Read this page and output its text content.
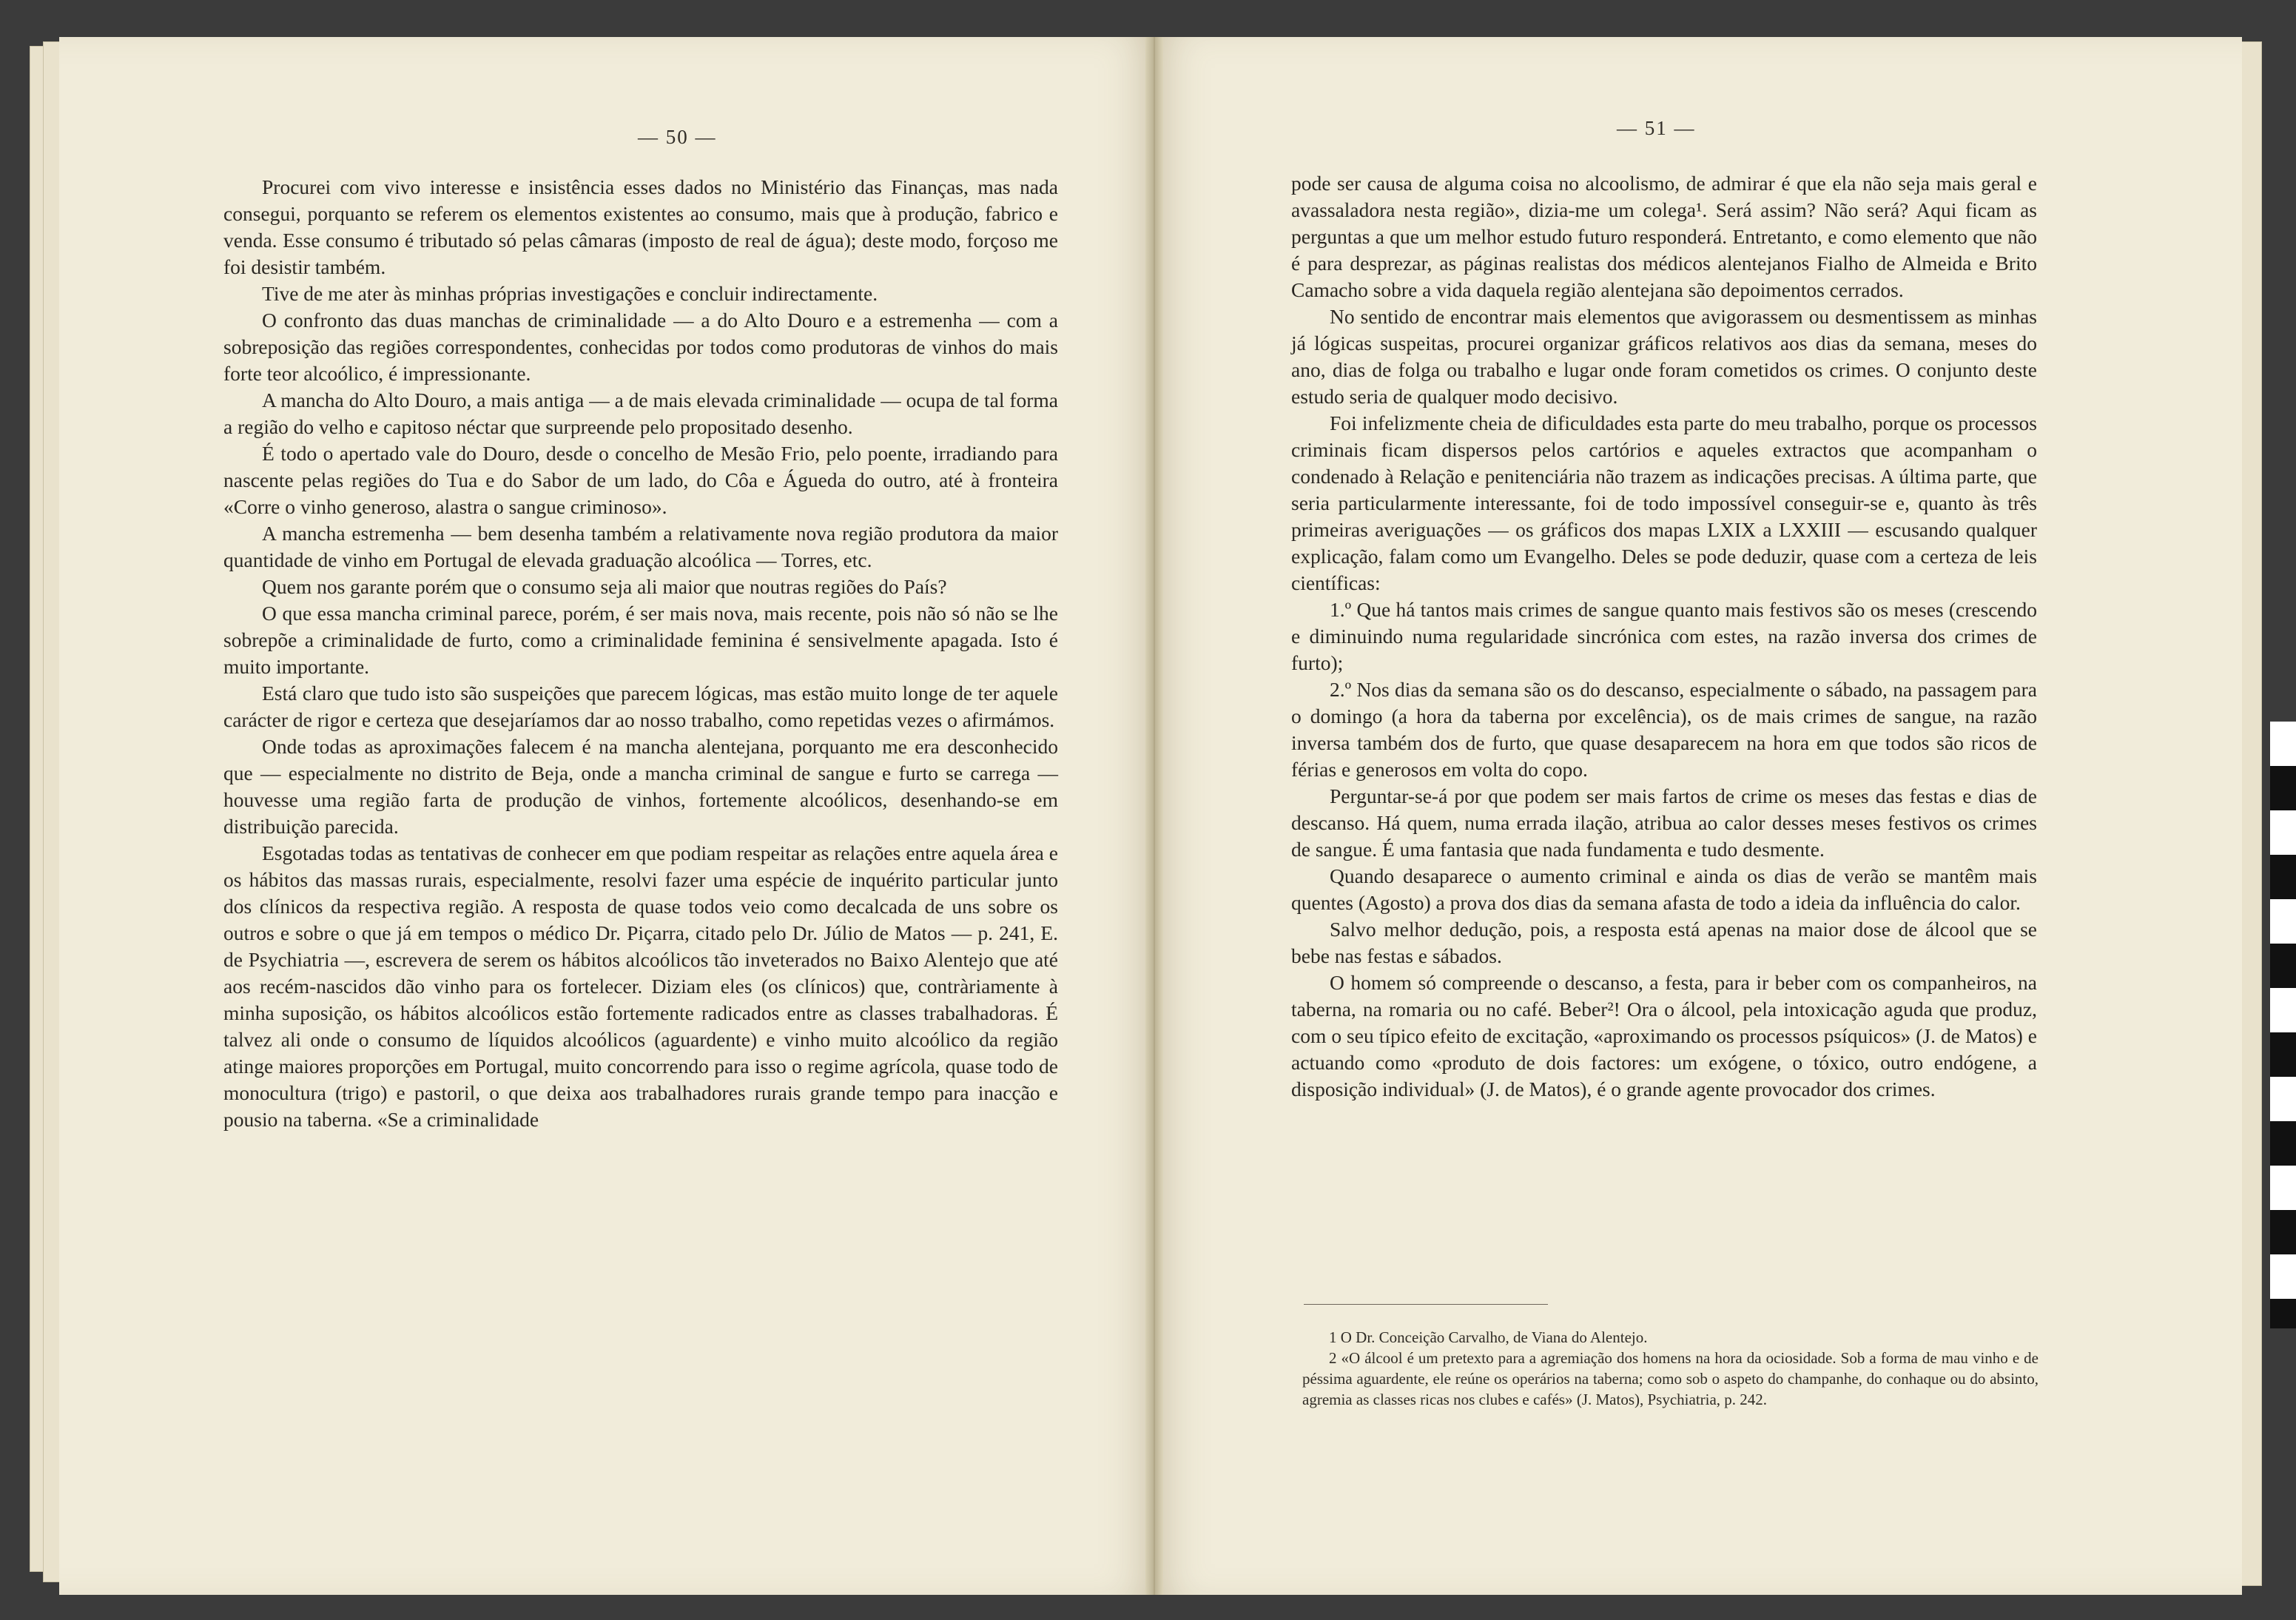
— 50 —	— 51 —

Procurei com vivo interesse e insistência esses dados no Ministério das Finanças, mas nada consegui, porquanto se referem os elementos existentes ao consumo, mais que à produção, fabrico e venda. Esse consumo é tributado só pelas câmaras (imposto de real de água); deste modo, forçoso me foi desistir também.

Tive de me ater às minhas próprias investigações e concluir indirectamente.

O confronto das duas manchas de criminalidade — a do Alto Douro e a estremenha — com a sobreposição das regiões correspondentes, conhecidas por todos como produtoras de vinhos do mais forte teor alcoólico, é impressionante.

A mancha do Alto Douro, a mais antiga — a de mais elevada criminalidade — ocupa de tal forma a região do velho e capitoso néctar que surpreende pelo propositado desenho.

É todo o apertado vale do Douro, desde o concelho de Mesão Frio, pelo poente, irradiando para nascente pelas regiões do Tua e do Sabor de um lado, do Côa e Águeda do outro, até à fronteira «Corre o vinho generoso, alastra o sangue criminoso».

A mancha estremenha — bem desenha também a relativamente nova região produtora da maior quantidade de vinho em Portugal de elevada graduação alcoólica — Torres, etc.

Quem nos garante porém que o consumo seja ali maior que noutras regiões do País?

O que essa mancha criminal parece, porém, é ser mais nova, mais recente, pois não só não se lhe sobrepõe a criminalidade de furto, como a criminalidade feminina é sensivelmente apagada. Isto é muito importante.

Está claro que tudo isto são suspeições que parecem lógicas, mas estão muito longe de ter aquele carácter de rigor e certeza que desejaríamos dar ao nosso trabalho, como repetidas vezes o afirmámos.

Onde todas as aproximações falecem é na mancha alentejana, porquanto me era desconhecido que — especialmente no distrito de Beja, onde a mancha criminal de sangue e furto se carrega — houvesse uma região farta de produção de vinhos, fortemente alcoólicos, desenhando-se em distribuição parecida.

Esgotadas todas as tentativas de conhecer em que podiam respeitar as relações entre aquela área e os hábitos das massas rurais, especialmente, resolvi fazer uma espécie de inquérito particular junto dos clínicos da respectiva região. A resposta de quase todos veio como decalcada de uns sobre os outros e sobre o que já em tempos o médico Dr. Piçarra, citado pelo Dr. Júlio de Matos — p. 241, E. de Psychiatria —, escrevera de serem os hábitos alcoólicos tão inveterados no Baixo Alentejo que até aos recém-nascidos dão vinho para os fortelecer. Diziam eles (os clínicos) que, contràriamente à minha suposição, os hábitos alcoólicos estão fortemente radicados entre as classes trabalhadoras. É talvez ali onde o consumo de líquidos alcoólicos (aguardente) e vinho muito alcoólico da região atinge maiores proporções em Portugal, muito concorrendo para isso o regime agrícola, quase todo de monocultura (trigo) e pastoril, o que deixa aos trabalhadores rurais grande tempo para inacção e pousio na taberna. «Se a criminalidade

pode ser causa de alguma coisa no alcoolismo, de admirar é que ela não seja mais geral e avassaladora nesta região», dizia-me um colega¹. Será assim? Não será? Aqui ficam as perguntas a que um melhor estudo futuro responderá. Entretanto, e como elemento que não é para desprezar, as páginas realistas dos médicos alentejanos Fialho de Almeida e Brito Camacho sobre a vida daquela região alentejana são depoimentos cerrados.

No sentido de encontrar mais elementos que avigorassem ou desmentissem as minhas já lógicas suspeitas, procurei organizar gráficos relativos aos dias da semana, meses do ano, dias de folga ou trabalho e lugar onde foram cometidos os crimes. O conjunto deste estudo seria de qualquer modo decisivo.

Foi infelizmente cheia de dificuldades esta parte do meu trabalho, porque os processos criminais ficam dispersos pelos cartórios e aqueles extractos que acompanham o condenado à Relação e penitenciária não trazem as indicações precisas. A última parte, que seria particularmente interessante, foi de todo impossível conseguir-se e, quanto às três primeiras averiguações — os gráficos dos mapas LXIX a LXXIII — escusando qualquer explicação, falam como um Evangelho. Deles se pode deduzir, quase com a certeza de leis científicas:

1.º Que há tantos mais crimes de sangue quanto mais festivos são os meses (crescendo e diminuindo numa regularidade sincrónica com estes, na razão inversa dos crimes de furto);

2.º Nos dias da semana são os do descanso, especialmente o sábado, na passagem para o domingo (a hora da taberna por excelência), os de mais crimes de sangue, na razão inversa também dos de furto, que quase desaparecem na hora em que todos são ricos de férias e generosos em volta do copo.

Perguntar-se-á por que podem ser mais fartos de crime os meses das festas e dias de descanso. Há quem, numa errada ilação, atribua ao calor desses meses festivos os crimes de sangue. É uma fantasia que nada fundamenta e tudo desmente.

Quando desaparece o aumento criminal e ainda os dias de verão se mantêm mais quentes (Agosto) a prova dos dias da semana afasta de todo a ideia da influência do calor.

Salvo melhor dedução, pois, a resposta está apenas na maior dose de álcool que se bebe nas festas e sábados.

O homem só compreende o descanso, a festa, para ir beber com os companheiros, na taberna, na romaria ou no café. Beber²! Ora o álcool, pela intoxicação aguda que produz, com o seu típico efeito de excitação, «aproximando os processos psíquicos» (J. de Matos) e actuando como «produto de dois factores: um exógene, o tóxico, outro endógene, a disposição individual» (J. de Matos), é o grande agente provocador dos crimes.

1 O Dr. Conceição Carvalho, de Viana do Alentejo.

2 «O álcool é um pretexto para a agremiação dos homens na hora da ociosidade. Sob a forma de mau vinho e de péssima aguardente, ele reúne os operários na taberna; como sob o aspeto do champanhe, do conhaque ou do absinto, agremia as classes ricas nos clubes e cafés» (J. Matos), Psychiatria, p. 242.
